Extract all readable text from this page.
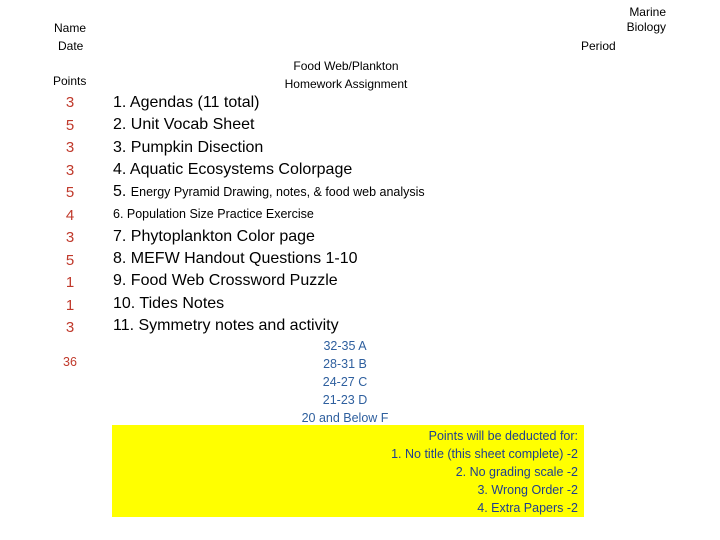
Name
Date
Points
Marine
Biology
Period
Food Web/Plankton
Homework Assignment
3
5
3
3
5
4
3
5
1
1
3
1. Agendas (11 total)
2. Unit Vocab Sheet
3. Pumpkin Disection
4. Aquatic Ecosystems Colorpage
5. Energy Pyramid Drawing, notes, & food web analysis
6. Population Size Practice Exercise
7. Phytoplankton Color page
8. MEFW Handout Questions 1-10
9. Food Web Crossword Puzzle
10. Tides Notes
11. Symmetry notes and activity
36
32-35 A
28-31 B
24-27 C
21-23 D
20 and Below F
Points will be deducted for:
1. No title (this sheet complete) -2
2. No grading scale -2
3. Wrong Order -2
4. Extra Papers -2
